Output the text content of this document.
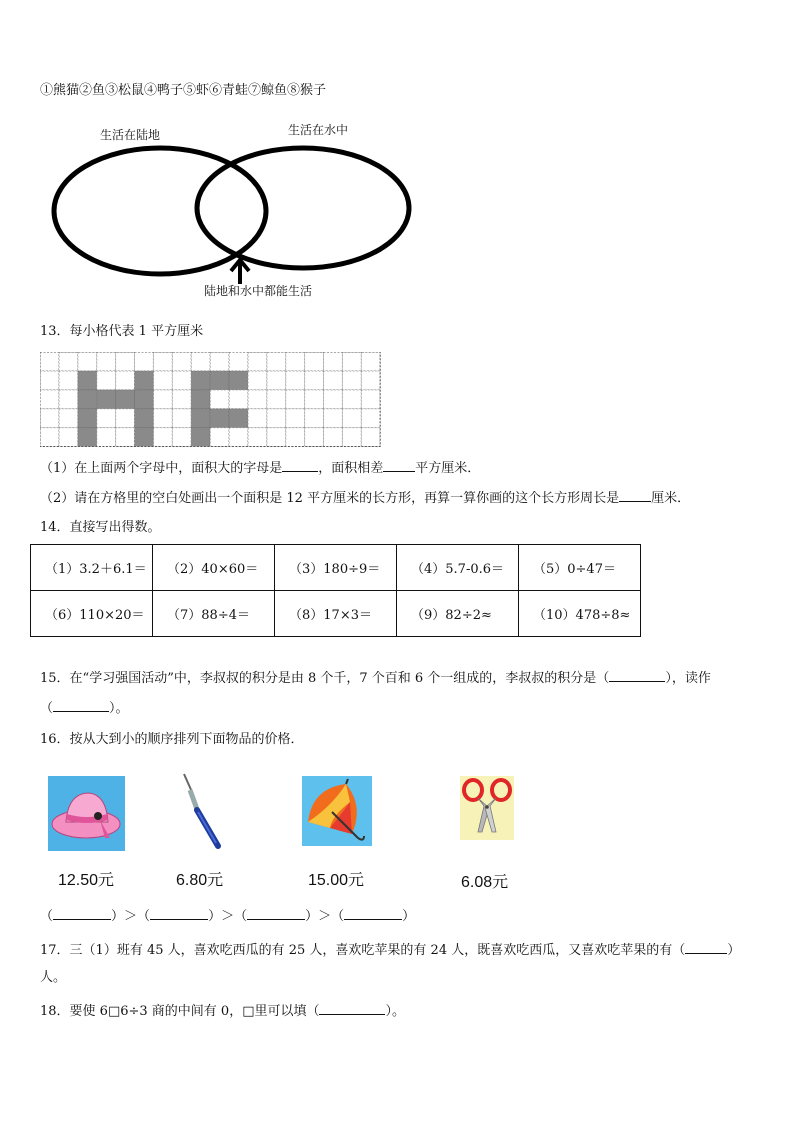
①熊猫②鱼③松鼠④鸭子⑤虾⑥青蛙⑦鲸鱼⑧猴子
生活在陆地	生活在水中
陆地和水中都能生活
13．每小格代表 1 平方厘米
（1）在上面两个字母中，面积大的字母是	，面积相差 平方厘米．
（2）请在方格里的空白处画出一个面积是 12 平方厘米的长方形，再算一算你画的这个长方形周长是 厘米．
14．直接写出得数。
（1）3.2＋6.1＝	（2）40×60＝	（3）180÷9＝	（4）5.7-0.6＝	（5）0÷47＝
（6）110×20＝	（7）88÷4＝	（8）17×3＝	（9）82÷2≈	（10）478÷8≈
15．在“学习强国活动”中，李叔叔的积分是由 8 个千，7 个百和 6 个一组成的，李叔叔的积分是（	），读作
（	）。
16．按从大到小的顺序排列下面物品的价格．
12.50元	6.80元	15.00元	6.08元
（	）＞（	）＞（	）＞（	）
17．三（1）班有 45 人，喜欢吃西瓜的有 25 人，喜欢吃苹果的有 24 人，既喜欢吃西瓜，又喜欢吃苹果的有（	）
人。
18．要使 6□6÷3 商的中间有 0，□里可以填（	）。
